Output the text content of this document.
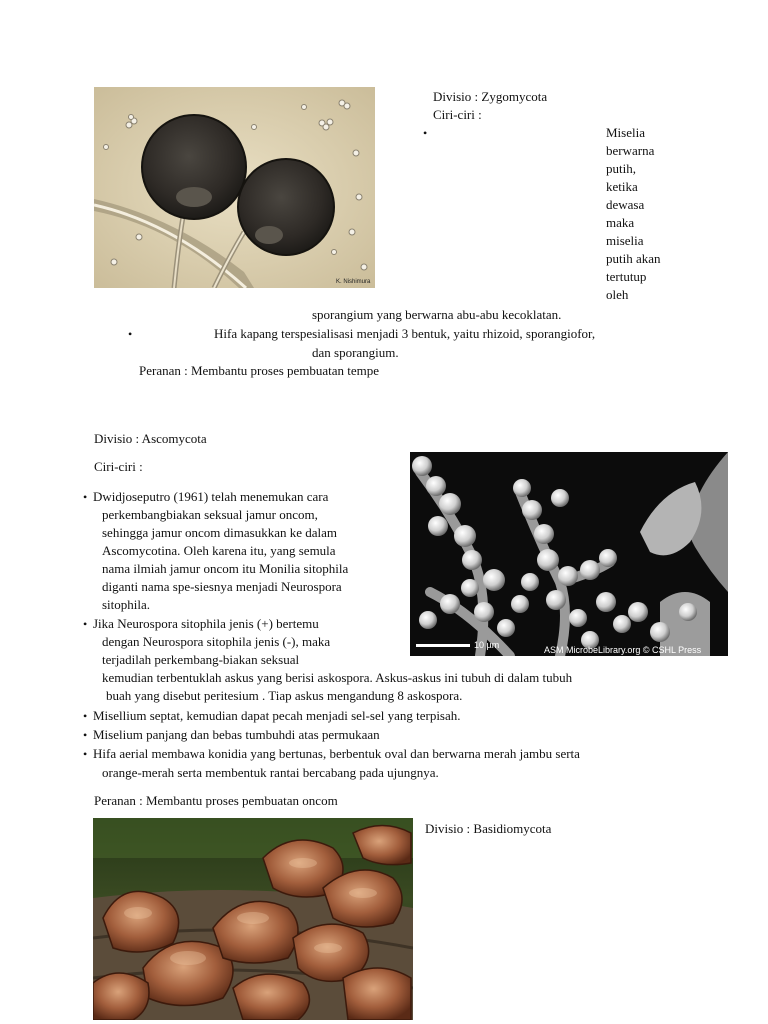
K. Nishimura
Divisio : Zygomycota
Ciri-ciri :
•	Miselia
berwarna
putih,
ketika
dewasa
maka
miselia
putih akan
tertutup
oleh
sporangium yang berwarna abu-abu kecoklatan.
•	Hifa kapang terspesialisasi menjadi 3 bentuk, yaitu rhizoid, sporangiofor,
dan sporangium.
Peranan : Membantu proses pembuatan tempe
Divisio : Ascomycota
Ciri-ciri :
10 µm	ASM MicrobeLibrary.org © CSHL Press
• Dwidjoseputro (1961) telah menemukan cara
perkembangbiakan seksual jamur oncom,
sehingga jamur oncom dimasukkan ke dalam
Ascomycotina. Oleh karena itu, yang semula
nama ilmiah jamur oncom itu Monilia sitophila
diganti nama spe-siesnya menjadi Neurospora
sitophila.
• Jika Neurospora sitophila jenis (+) bertemu
dengan Neurospora sitophila jenis (-), maka
terjadilah perkembang-biakan seksual
kemudian terbentuklah askus yang berisi askospora. Askus-askus ini tubuh di dalam tubuh
buah yang disebut peritesium . Tiap askus mengandung 8 askospora.
• Misellium septat, kemudian dapat pecah menjadi sel-sel yang terpisah.
• Miselium panjang dan bebas tumbuhdi atas permukaan
• Hifa aerial membawa konidia yang bertunas, berbentuk oval dan berwarna merah jambu serta
orange-merah serta membentuk rantai bercabang pada ujungnya.
Peranan : Membantu proses pembuatan oncom
Divisio : Basidiomycota
